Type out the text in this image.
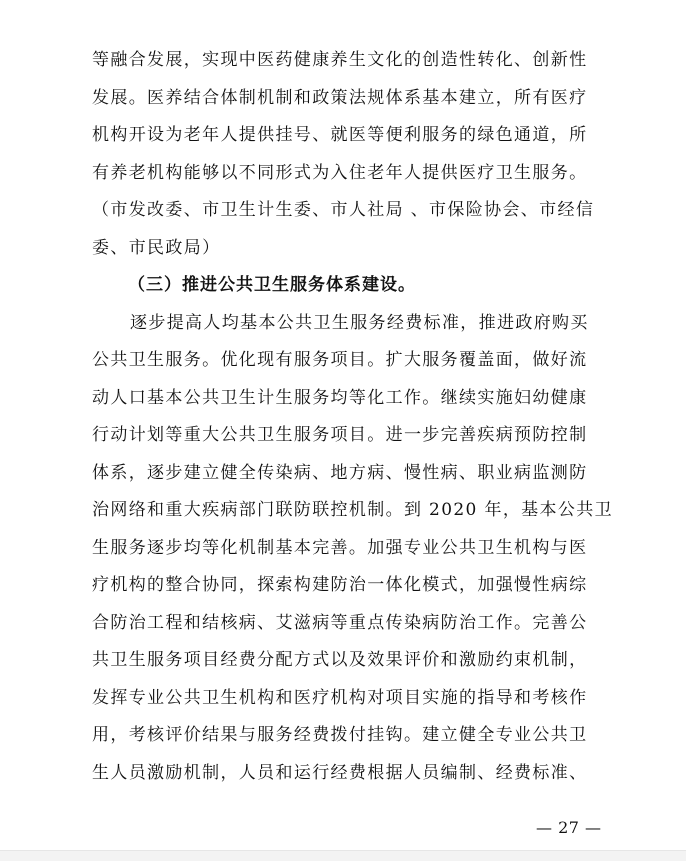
等融合发展，实现中医药健康养生文化的创造性转化、创新性
发展。医养结合体制机制和政策法规体系基本建立，所有医疗
机构开设为老年人提供挂号、就医等便利服务的绿色通道，所
有养老机构能够以不同形式为入住老年人提供医疗卫生服务。
（市发改委、市卫生计生委、市人社局 、市保险协会、市经信
委、市民政局）
（三）推进公共卫生服务体系建设。
逐步提高人均基本公共卫生服务经费标准，推进政府购买
公共卫生服务。优化现有服务项目。扩大服务覆盖面，做好流
动人口基本公共卫生计生服务均等化工作。继续实施妇幼健康
行动计划等重大公共卫生服务项目。进一步完善疾病预防控制
体系，逐步建立健全传染病、地方病、慢性病、职业病监测防
治网络和重大疾病部门联防联控机制。到 2020 年，基本公共卫
生服务逐步均等化机制基本完善。加强专业公共卫生机构与医
疗机构的整合协同，探索构建防治一体化模式，加强慢性病综
合防治工程和结核病、艾滋病等重点传染病防治工作。完善公
共卫生服务项目经费分配方式以及效果评价和激励约束机制，
发挥专业公共卫生机构和医疗机构对项目实施的指导和考核作
用，考核评价结果与服务经费拨付挂钩。建立健全专业公共卫
生人员激励机制，人员和运行经费根据人员编制、经费标准、
— 27 —
